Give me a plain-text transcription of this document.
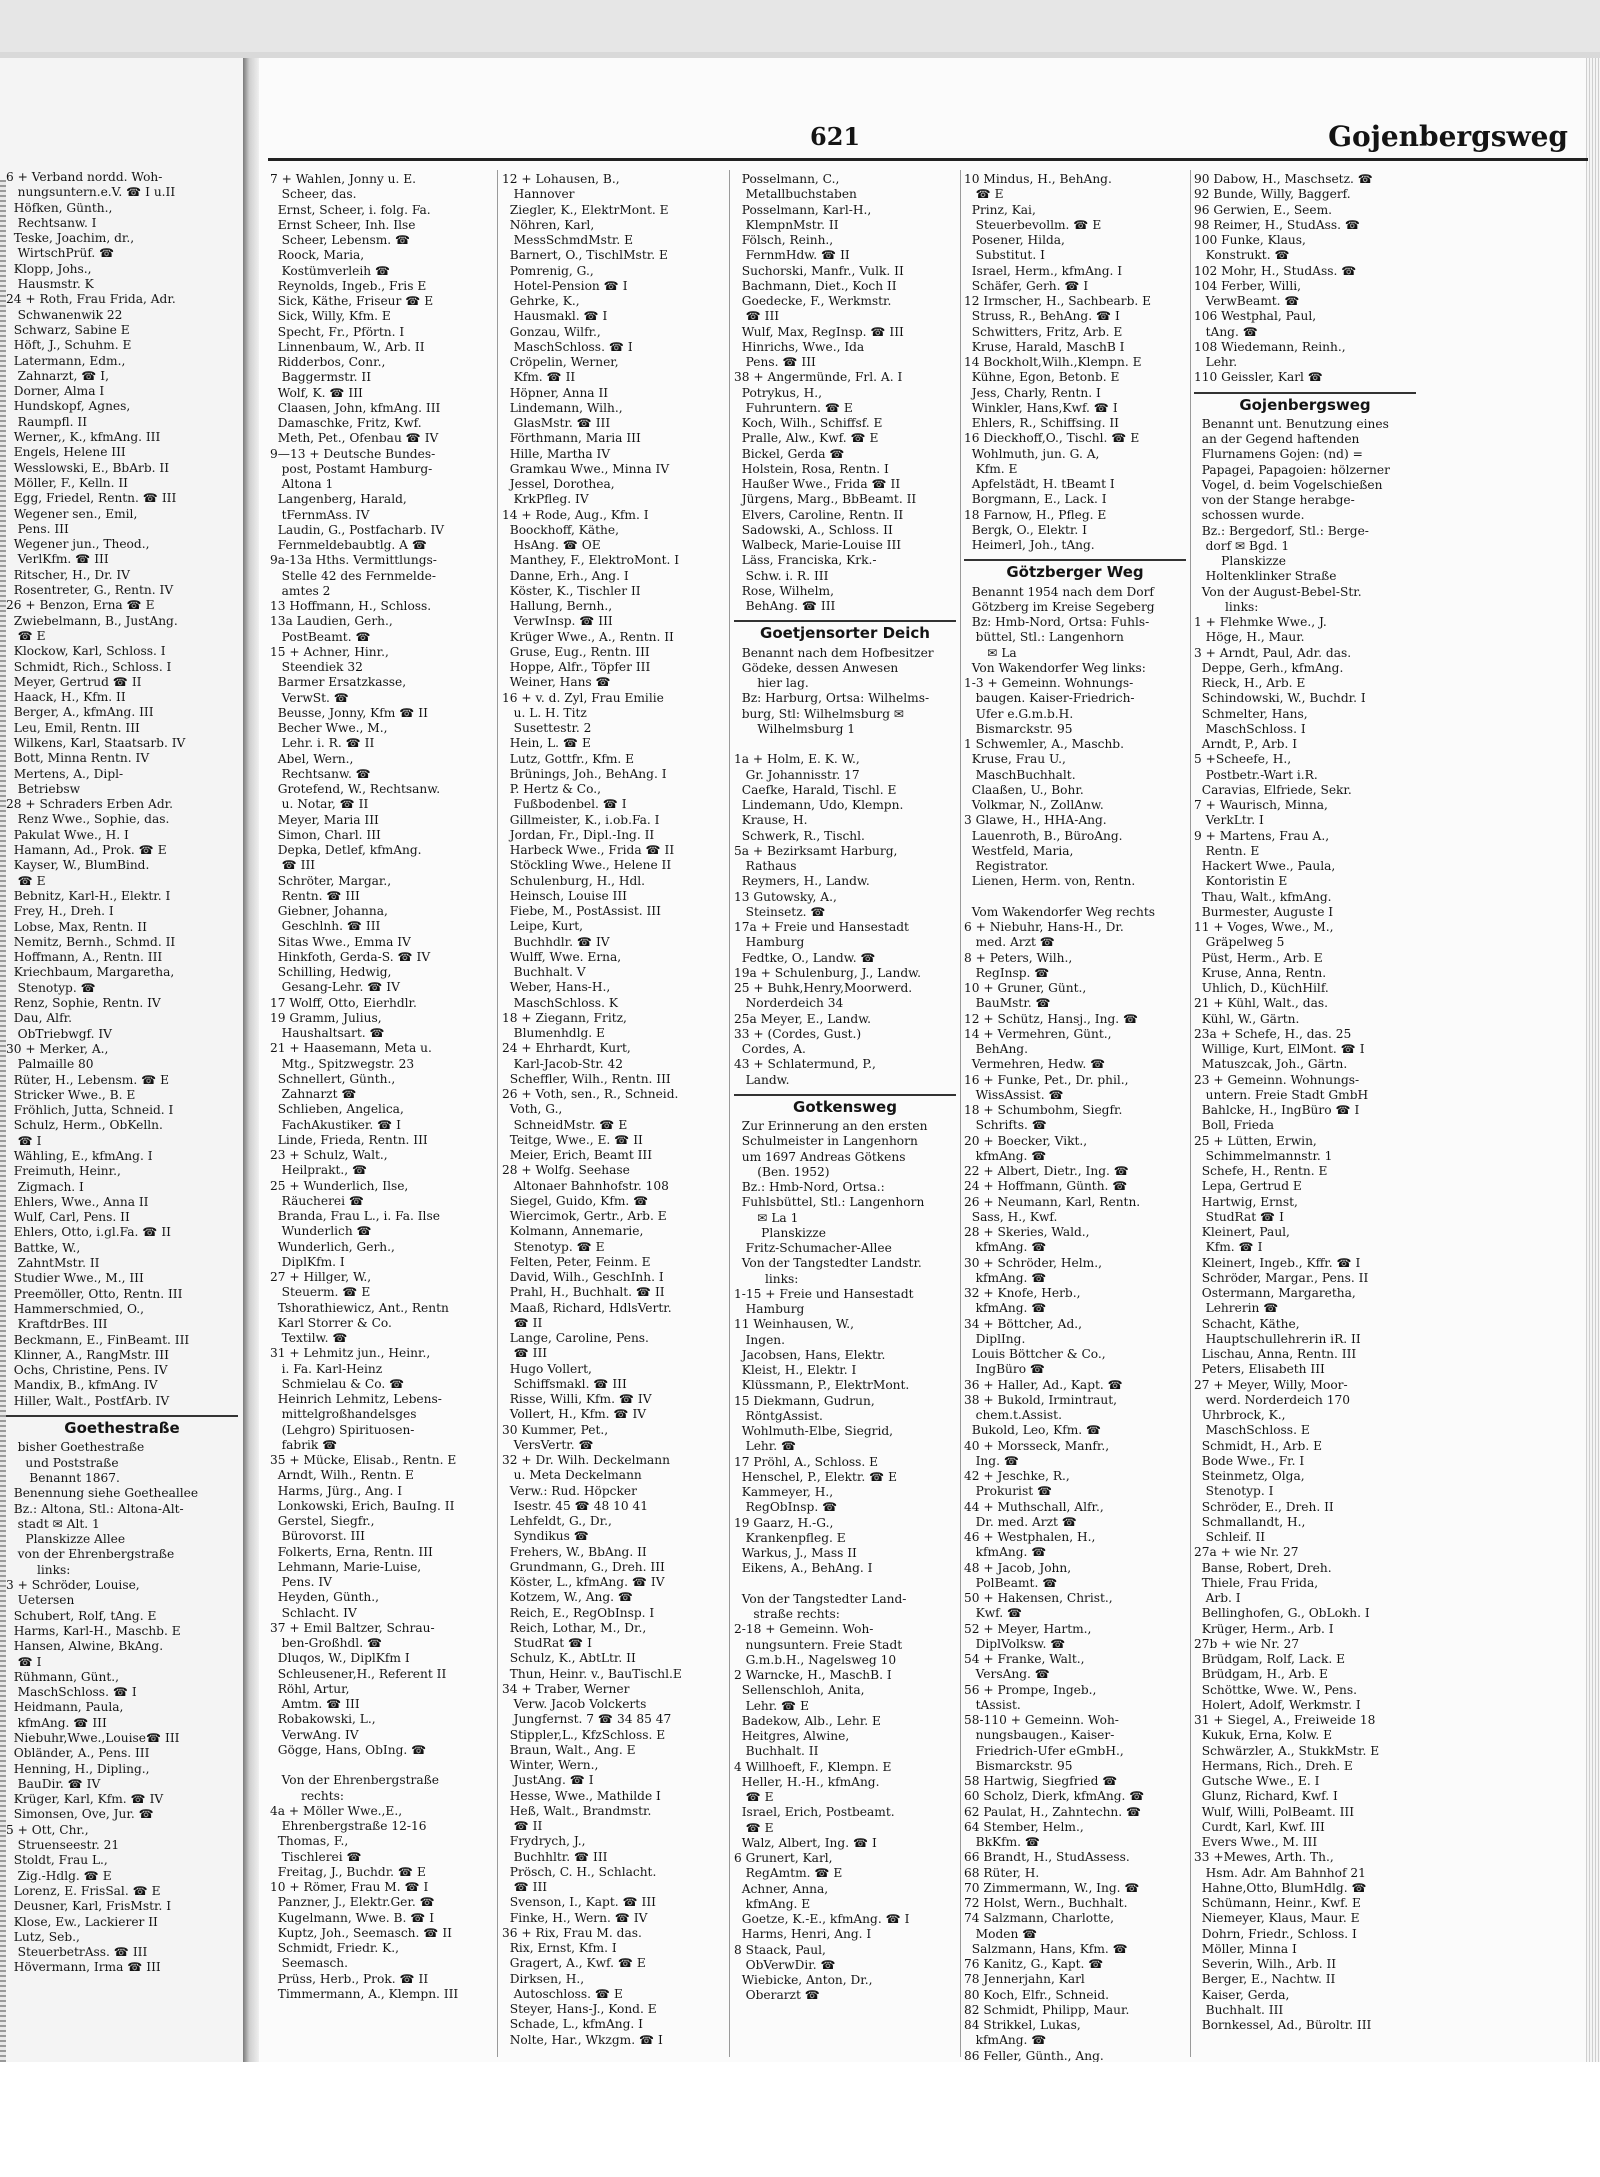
621	Gojenbergsweg
6 + Verband nordd. Woh-
nungsuntern.e.V. ☎ I u.II
Höfken, Günth.,
Rechtsanw. I
Teske, Joachim, dr.,
WirtschPrüf. ☎
Klopp, Johs.,
Hausmstr. K
24 + Roth, Frau Frida, Adr.
Schwanenwik 22
Schwarz, Sabine E
Höft, J., Schuhm. E
Latermann, Edm.,
Zahnarzt, ☎ I,
Dorner, Alma I
Hundskopf, Agnes,
Raumpfl. II
Werner,, K., kfmAng. III
Engels, Helene III
Wesslowski, E., BbArb. II
Möller, F., Kelln. II
Egg, Friedel, Rentn. ☎ III
Wegener sen., Emil,
Pens. III
Wegener jun., Theod.,
VerlKfm. ☎ III
Ritscher, H., Dr. IV
Rosentreter, G., Rentn. IV
26 + Benzon, Erna ☎ E
Zwiebelmann, B., JustAng.
☎ E
Klockow, Karl, Schloss. I
Schmidt, Rich., Schloss. I
Meyer, Gertrud ☎ II
Haack, H., Kfm. II
Berger, A., kfmAng. III
Leu, Emil, Rentn. III
Wilkens, Karl, Staatsarb. IV
Bott, Minna Rentn. IV
Mertens, A., Dipl-
Betriebsw
28 + Schraders Erben Adr.
Renz Wwe., Sophie, das.
Pakulat Wwe., H. I
Hamann, Ad., Prok. ☎ E
Kayser, W., BlumBind.
☎ E
Bebnitz, Karl-H., Elektr. I
Frey, H., Dreh. I
Lobse, Max, Rentn. II
Nemitz, Bernh., Schmd. II
Hoffmann, A., Rentn. III
Kriechbaum, Margaretha,
Stenotyp. ☎
Renz, Sophie, Rentn. IV
Dau, Alfr.
ObTriebwgf. IV
30 + Merker, A.,
Palmaille 80
Rüter, H., Lebensm. ☎ E
Stricker Wwe., B. E
Fröhlich, Jutta, Schneid. I
Schulz, Herm., ObKelln.
☎ I
Wähling, E., kfmAng. I
Freimuth, Heinr.,
Zigmach. I
Ehlers, Wwe., Anna II
Wulf, Carl, Pens. II
Ehlers, Otto, i.gl.Fa. ☎ II
Battke, W.,
ZahntMstr. II
Studier Wwe., M., III
Preemöller, Otto, Rentn. III
Hammerschmied, O.,
KraftdrBes. III
Beckmann, E., FinBeamt. III
Klinner, A., RangMstr. III
Ochs, Christine, Pens. IV
Mandix, B., kfmAng. IV
Hiller, Walt., PostfArb. IV
Goethestraße
bisher Goethestraße
und Poststraße
Benannt 1867.
Benennung siehe Goetheallee
Bz.: Altona, Stl.: Altona-Alt-
stadt ✉ Alt. 1
Planskizze Allee
von der Ehrenbergstraße
links:
3 + Schröder, Louise,
Uetersen
Schubert, Rolf, tAng. E
Harms, Karl-H., Maschb. E
Hansen, Alwine, BkAng.
☎ I
Rühmann, Günt.,
MaschSchloss. ☎ I
Heidmann, Paula,
kfmAng. ☎ III
Niebuhr,Wwe.,Louise☎ III
Obländer, A., Pens. III
Henning, H., Dipling.,
BauDir. ☎ IV
Krüger, Karl, Kfm. ☎ IV
Simonsen, Ove, Jur. ☎
5 + Ott, Chr.,
Struenseestr. 21
Stoldt, Frau L.,
Zig.-Hdlg. ☎ E
Lorenz, E. FrisSal. ☎ E
Deusner, Karl, FrisMstr. I
Klose, Ew., Lackierer II
Lutz, Seb.,
SteuerbetrAss. ☎ III
Hövermann, Irma ☎ III
7 + Wahlen, Jonny u. E.
Scheer, das.
Ernst, Scheer, i. folg. Fa.
Ernst Scheer, Inh. Ilse
Scheer, Lebensm. ☎
Roock, Maria,
Kostümverleih ☎
Reynolds, Ingeb., Fris E
Sick, Käthe, Friseur ☎ E
Sick, Willy, Kfm. E
Specht, Fr., Pförtn. I
Linnenbaum, W., Arb. II
Ridderbos, Conr.,
Baggermstr. II
Wolf, K. ☎ III
Claasen, John, kfmAng. III
Damaschke, Fritz, Kwf.
Meth, Pet., Ofenbau ☎ IV
9—13 + Deutsche Bundes-
post, Postamt Hamburg-
Altona 1
Langenberg, Harald,
tFernmAss. IV
Laudin, G., Postfacharb. IV
Fernmeldebaubtlg. A ☎
9a-13a Hths. Vermittlungs-
Stelle 42 des Fernmelde-
amtes 2
13 Hoffmann, H., Schloss.
13a Laudien, Gerh.,
PostBeamt. ☎
15 + Achner, Hinr.,
Steendiek 32
Barmer Ersatzkasse,
VerwSt. ☎
Beusse, Jonny, Kfm ☎ II
Becher Wwe., M.,
Lehr. i. R. ☎ II
Abel, Wern.,
Rechtsanw. ☎
Grotefend, W., Rechtsanw.
u. Notar, ☎ II
Meyer, Maria III
Simon, Charl. III
Depka, Detlef, kfmAng.
☎ III
Schröter, Margar.,
Rentn. ☎ III
Giebner, Johanna,
Geschlnh. ☎ III
Sitas Wwe., Emma IV
Hinkfoth, Gerda-S. ☎ IV
Schilling, Hedwig,
Gesang-Lehr. ☎ IV
17 Wolff, Otto, Eierhdlr.
19 Gramm, Julius,
Haushaltsart. ☎
21 + Haasemann, Meta u.
Mtg., Spitzwegstr. 23
Schnellert, Günth.,
Zahnarzt ☎
Schlieben, Angelica,
FachAkustiker. ☎ I
Linde, Frieda, Rentn. III
23 + Schulz, Walt.,
Heilprakt., ☎
25 + Wunderlich, Ilse,
Räucherei ☎
Branda, Frau L., i. Fa. Ilse
Wunderlich ☎
Wunderlich, Gerh.,
DiplKfm. I
27 + Hillger, W.,
Steuerm. ☎ E
Tshorathiewicz, Ant., Rentn
Karl Storrer & Co.
Textilw. ☎
31 + Lehmitz jun., Heinr.,
i. Fa. Karl-Heinz
Schmielau & Co. ☎
Heinrich Lehmitz, Lebens-
mittelgroßhandelsges
(Lehgro) Spirituosen-
fabrik ☎
35 + Mücke, Elisab., Rentn. E
Arndt, Wilh., Rentn. E
Harms, Jürg., Ang. I
Lonkowski, Erich, BauIng. II
Gerstel, Siegfr.,
Bürovorst. III
Folkerts, Erna, Rentn. III
Lehmann, Marie-Luise,
Pens. IV
Heyden, Günth.,
Schlacht. IV
37 + Emil Baltzer, Schrau-
ben-Großhdl. ☎
Dluqos, W., DiplKfm I
Schleusener,H., Referent II
Röhl, Artur,
Amtm. ☎ III
Robakowski, L.,
VerwAng. IV
Gögge, Hans, ObIng. ☎

Von der Ehrenbergstraße
rechts:
4a + Möller Wwe.,E.,
Ehrenbergstraße 12-16
Thomas, F.,
Tischlerei ☎
Freitag, J., Buchdr. ☎ E
10 + Römer, Frau M. ☎ I
Panzner, J., Elektr.Ger. ☎
Kugelmann, Wwe. B. ☎ I
Kuptz, Joh., Seemasch. ☎ II
Schmidt, Friedr. K.,
Seemasch.
Prüss, Herb., Prok. ☎ II
Timmermann, A., Klempn. III
12 + Lohausen, B.,
Hannover
Ziegler, K., ElektrMont. E
Nöhren, Karl,
MessSchmdMstr. E
Barnert, O., TischlMstr. E
Pomrenig, G.,
Hotel-Pension ☎ I
Gehrke, K.,
Hausmakl. ☎ I
Gonzau, Wilfr.,
MaschSchloss. ☎ I
Cröpelin, Werner,
Kfm. ☎ II
Höpner, Anna II
Lindemann, Wilh.,
GlasMstr. ☎ III
Förthmann, Maria III
Hille, Martha IV
Gramkau Wwe., Minna IV
Jessel, Dorothea,
KrkPfleg. IV
14 + Rode, Aug., Kfm. I
Boockhoff, Käthe,
HsAng. ☎ OE
Manthey, F., ElektroMont. I
Danne, Erh., Ang. I
Köster, K., Tischler II
Hallung, Bernh.,
VerwInsp. ☎ III
Krüger Wwe., A., Rentn. II
Gruse, Eug., Rentn. III
Hoppe, Alfr., Töpfer III
Weiner, Hans ☎
16 + v. d. Zyl, Frau Emilie
u. L. H. Titz
Susettestr. 2
Hein, L. ☎ E
Lutz, Gottfr., Kfm. E
Brünings, Joh., BehAng. I
P. Hertz & Co.,
Fußbodenbel. ☎ I
Gillmeister, K., i.ob.Fa. I
Jordan, Fr., Dipl.-Ing. II
Harbeck Wwe., Frida ☎ II
Stöckling Wwe., Helene II
Schulenburg, H., Hdl.
Heinsch, Louise III
Fiebe, M., PostAssist. III
Leipe, Kurt,
Buchhdlr. ☎ IV
Wulff, Wwe. Erna,
Buchhalt. V
Weber, Hans-H.,
MaschSchloss. K
18 + Ziegann, Fritz,
Blumenhdlg. E
24 + Ehrhardt, Kurt,
Karl-Jacob-Str. 42
Scheffler, Wilh., Rentn. III
26 + Voth, sen., R., Schneid.
Voth, G.,
SchneidMstr. ☎ E
Teitge, Wwe., E. ☎ II
Meier, Erich, Beamt III
28 + Wolfg. Seehase
Altonaer Bahnhofstr. 108
Siegel, Guido, Kfm. ☎
Wiercimok, Gertr., Arb. E
Kolmann, Annemarie,
Stenotyp. ☎ E
Felten, Peter, Feinm. E
David, Wilh., GeschInh. I
Prahl, H., Buchhalt. ☎ II
Maaß, Richard, HdlsVertr.
☎ II
Lange, Caroline, Pens.
☎ III
Hugo Vollert,
Schiffsmakl. ☎ III
Risse, Willi, Kfm. ☎ IV
Vollert, H., Kfm. ☎ IV
30 Kummer, Pet.,
VersVertr. ☎
32 + Dr. Wilh. Deckelmann
u. Meta Deckelmann
Verw.: Rud. Höpcker
Isestr. 45 ☎ 48 10 41
Lehfeldt, G., Dr.,
Syndikus ☎
Frehers, W., BbAng. II
Grundmann, G., Dreh. III
Köster, L., kfmAng. ☎ IV
Kotzem, W., Ang. ☎
Reich, E., RegObInsp. I
Reich, Lothar, M., Dr.,
StudRat ☎ I
Schulz, K., AbtLtr. II
Thun, Heinr. v., BauTischl.E
34 + Traber, Werner
Verw. Jacob Volckerts
Jungfernst. 7 ☎ 34 85 47
Stippler,L., KfzSchloss. E
Braun, Walt., Ang. E
Winter, Wern.,
JustAng. ☎ I
Hesse, Wwe., Mathilde I
Heß, Walt., Brandmstr.
☎ II
Frydrych, J.,
Buchhltr. ☎ III
Prösch, C. H., Schlacht.
☎ III
Svenson, I., Kapt. ☎ III
Finke, H., Wern. ☎ IV
36 + Rix, Frau M. das.
Rix, Ernst, Kfm. I
Gragert, A., Kwf. ☎ E
Dirksen, H.,
Autoschloss. ☎ E
Steyer, Hans-J., Kond. E
Schade, L., kfmAng. I
Nolte, Har., Wkzgm. ☎ I
Posselmann, C.,
Metallbuchstaben
Posselmann, Karl-H.,
KlempnMstr. II
Fölsch, Reinh.,
FernmHdw. ☎ II
Suchorski, Manfr., Vulk. II
Bachmann, Diet., Koch II
Goedecke, F., Werkmstr.
☎ III
Wulf, Max, RegInsp. ☎ III
Hinrichs, Wwe., Ida
Pens. ☎ III
38 + Angermünde, Frl. A. I
Potrykus, H.,
Fuhruntern. ☎ E
Koch, Wilh., Schiffsf. E
Pralle, Alw., Kwf. ☎ E
Bickel, Gerda ☎
Holstein, Rosa, Rentn. I
Haußer Wwe., Frida ☎ II
Jürgens, Marg., BbBeamt. II
Elvers, Caroline, Rentn. II
Sadowski, A., Schloss. II
Walbeck, Marie-Louise III
Läss, Franciska, Krk.-
Schw. i. R. III
Rose, Wilhelm,
BehAng. ☎ III
Goetjensorter Deich
Benannt nach dem Hofbesitzer
Gödeke, dessen Anwesen
hier lag.
Bz: Harburg, Ortsa: Wilhelms-
burg, Stl: Wilhelmsburg ✉
Wilhelmsburg 1

1a + Holm, E. K. W.,
Gr. Johannisstr. 17
Caefke, Harald, Tischl. E
Lindemann, Udo, Klempn.
Krause, H.
Schwerk, R., Tischl.
5a + Bezirksamt Harburg,
Rathaus
Reymers, H., Landw.
13 Gutowsky, A.,
Steinsetz. ☎
17a + Freie und Hansestadt
Hamburg
Fedtke, O., Landw. ☎
19a + Schulenburg, J., Landw.
25 + Buhk,Henry,Moorwerd.
Norderdeich 34
25a Meyer, E., Landw.
33 + (Cordes, Gust.)
Cordes, A.
43 + Schlatermund, P.,
Landw.
Gotkensweg
Zur Erinnerung an den ersten
Schulmeister in Langenhorn
um 1697 Andreas Götkens
(Ben. 1952)
Bz.: Hmb-Nord, Ortsa.:
Fuhlsbüttel, Stl.: Langenhorn
✉ La 1
Planskizze
Fritz-Schumacher-Allee
Von der Tangstedter Landstr.
links:
1-15 + Freie und Hansestadt
Hamburg
11 Weinhausen, W.,
Ingen.
Jacobsen, Hans, Elektr.
Kleist, H., Elektr. I
Klüssmann, P., ElektrMont.
15 Diekmann, Gudrun,
RöntgAssist.
Wohlmuth-Elbe, Siegrid,
Lehr. ☎
17 Pröhl, A., Schloss. E
Henschel, P., Elektr. ☎ E
Kammeyer, H.,
RegObInsp. ☎
19 Gaarz, H.-G.,
Krankenpfleg. E
Warkus, J., Mass II
Eikens, A., BehAng. I

Von der Tangstedter Land-
straße rechts:
2-18 + Gemeinn. Woh-
nungsuntern. Freie Stadt
G.m.b.H., Nagelsweg 10
2 Warncke, H., MaschB. I
Sellenschloh, Anita,
Lehr. ☎ E
Badekow, Alb., Lehr. E
Heitgres, Alwine,
Buchhalt. II
4 Willhoeft, F., Klempn. E
Heller, H.-H., kfmAng.
☎ E
Israel, Erich, Postbeamt.
☎ E
Walz, Albert, Ing. ☎ I
6 Grunert, Karl,
RegAmtm. ☎ E
Achner, Anna,
kfmAng. E
Goetze, K.-E., kfmAng. ☎ I
Harms, Henri, Ang. I
8 Staack, Paul,
ObVerwDir. ☎
Wiebicke, Anton, Dr.,
Oberarzt ☎
10 Mindus, H., BehAng.
☎ E
Prinz, Kai,
Steuerbevollm. ☎ E
Posener, Hilda,
Substitut. I
Israel, Herm., kfmAng. I
Schäfer, Gerh. ☎ I
12 Irmscher, H., Sachbearb. E
Struss, R., BehAng. ☎ I
Schwitters, Fritz, Arb. E
Kruse, Harald, MaschB I
14 Bockholt,Wilh.,Klempn. E
Kühne, Egon, Betonb. E
Jess, Charly, Rentn. I
Winkler, Hans,Kwf. ☎ I
Ehlers, R., Schiffsing. II
16 Dieckhoff,O., Tischl. ☎ E
Wohlmuth, jun. G. A,
Kfm. E
Apfelstädt, H. tBeamt I
Borgmann, E., Lack. I
18 Farnow, H., Pfleg. E
Bergk, O., Elektr. I
Heimerl, Joh., tAng.
Götzberger Weg
Benannt 1954 nach dem Dorf
Götzberg im Kreise Segeberg
Bz: Hmb-Nord, Ortsa: Fuhls-
büttel, Stl.: Langenhorn
✉ La
Von Wakendorfer Weg links:
1-3 + Gemeinn. Wohnungs-
baugen. Kaiser-Friedrich-
Ufer e.G.m.b.H.
Bismarckstr. 95
1 Schwemler, A., Maschb.
Kruse, Frau U.,
MaschBuchhalt.
Claaßen, U., Bohr.
Volkmar, N., ZollAnw.
3 Glawe, H., HHA-Ang.
Lauenroth, B., BüroAng.
Westfeld, Maria,
Registrator.
Lienen, Herm. von, Rentn.

Vom Wakendorfer Weg rechts
6 + Niebuhr, Hans-H., Dr.
med. Arzt ☎
8 + Peters, Wilh.,
RegInsp. ☎
10 + Gruner, Günt.,
BauMstr. ☎
12 + Schütz, Hansj., Ing. ☎
14 + Vermehren, Günt.,
BehAng.
Vermehren, Hedw. ☎
16 + Funke, Pet., Dr. phil.,
WissAssist. ☎
18 + Schumbohm, Siegfr.
Schrifts. ☎
20 + Boecker, Vikt.,
kfmAng. ☎
22 + Albert, Dietr., Ing. ☎
24 + Hoffmann, Günth. ☎
26 + Neumann, Karl, Rentn.
Sass, H., Kwf.
28 + Skeries, Wald.,
kfmAng. ☎
30 + Schröder, Helm.,
kfmAng. ☎
32 + Knofe, Herb.,
kfmAng. ☎
34 + Böttcher, Ad.,
DiplIng.
Louis Böttcher & Co.,
IngBüro ☎
36 + Haller, Ad., Kapt. ☎
38 + Bukold, Irmintraut,
chem.t.Assist.
Bukold, Leo, Kfm. ☎
40 + Morsseck, Manfr.,
Ing. ☎
42 + Jeschke, R.,
Prokurist ☎
44 + Muthschall, Alfr.,
Dr. med. Arzt ☎
46 + Westphalen, H.,
kfmAng. ☎
48 + Jacob, John,
PolBeamt. ☎
50 + Hakensen, Christ.,
Kwf. ☎
52 + Meyer, Hartm.,
DiplVolksw. ☎
54 + Franke, Walt.,
VersAng. ☎
56 + Prompe, Ingeb.,
tAssist.
58-110 + Gemeinn. Woh-
nungsbaugen., Kaiser-
Friedrich-Ufer eGmbH.,
Bismarckstr. 95
58 Hartwig, Siegfried ☎
60 Scholz, Dierk, kfmAng. ☎
62 Paulat, H., Zahntechn. ☎
64 Stember, Helm.,
BkKfm. ☎
66 Brandt, H., StudAssess.
68 Rüter, H.
70 Zimmermann, W., Ing. ☎
72 Holst, Wern., Buchhalt.
74 Salzmann, Charlotte,
Moden ☎
Salzmann, Hans, Kfm. ☎
76 Kanitz, G., Kapt. ☎
78 Jennerjahn, Karl
80 Koch, Elfr., Schneid.
82 Schmidt, Philipp, Maur.
84 Strikkel, Lukas,
kfmAng. ☎
86 Feller, Günth., Ang.
90 Dabow, H., Maschsetz. ☎
92 Bunde, Willy, Baggerf.
96 Gerwien, E., Seem.
98 Reimer, H., StudAss. ☎
100 Funke, Klaus,
Konstrukt. ☎
102 Mohr, H., StudAss. ☎
104 Ferber, Willi,
VerwBeamt. ☎
106 Westphal, Paul,
tAng. ☎
108 Wiedemann, Reinh.,
Lehr.
110 Geissler, Karl ☎
Gojenbergsweg
Benannt unt. Benutzung eines
an der Gegend haftenden
Flurnamens Gojen: (nd) =
Papagei, Papagoien: hölzerner
Vogel, d. beim Vogelschießen
von der Stange herabge-
schossen wurde.
Bz.: Bergedorf, Stl.: Berge-
dorf ✉ Bgd. 1
Planskizze
Holtenklinker Straße
Von der August-Bebel-Str.
links:
1 + Flehmke Wwe., J.
Höge, H., Maur.
3 + Arndt, Paul, Adr. das.
Deppe, Gerh., kfmAng.
Rieck, H., Arb. E
Schindowski, W., Buchdr. I
Schmelter, Hans,
MaschSchloss. I
Arndt, P., Arb. I
5 +Scheefe, H.,
Postbetr.-Wart i.R.
Caravias, Elfriede, Sekr.
7 + Waurisch, Minna,
VerkLtr. I
9 + Martens, Frau A.,
Rentn. E
Hackert Wwe., Paula,
Kontoristin E
Thau, Walt., kfmAng.
Burmester, Auguste I
11 + Voges, Wwe., M.,
Gräpelweg 5
Püst, Herm., Arb. E
Kruse, Anna, Rentn.
Uhlich, D., KüchHilf.
21 + Kühl, Walt., das.
Kühl, W., Gärtn.
23a + Schefe, H., das. 25
Willige, Kurt, ElMont. ☎ I
Matuszcak, Joh., Gärtn.
23 + Gemeinn. Wohnungs-
untern. Freie Stadt GmbH
Bahlcke, H., IngBüro ☎ I
Boll, Frieda
25 + Lütten, Erwin,
Schimmelmannstr. 1
Schefe, H., Rentn. E
Lepa, Gertrud E
Hartwig, Ernst,
StudRat ☎ I
Kleinert, Paul,
Kfm. ☎ I
Kleinert, Ingeb., Kffr. ☎ I
Schröder, Margar., Pens. II
Ostermann, Margaretha,
Lehrerin ☎
Schacht, Käthe,
Hauptschullehrerin iR. II
Lischau, Anna, Rentn. III
Peters, Elisabeth III
27 + Meyer, Willy, Moor-
werd. Norderdeich 170
Uhrbrock, K.,
MaschSchloss. E
Schmidt, H., Arb. E
Bode Wwe., Fr. I
Steinmetz, Olga,
Stenotyp. I
Schröder, E., Dreh. II
Schmallandt, H.,
Schleif. II
27a + wie Nr. 27
Banse, Robert, Dreh.
Thiele, Frau Frida,
Arb. I
Bellinghofen, G., ObLokh. I
Krüger, Herm., Arb. I
27b + wie Nr. 27
Brüdgam, Rolf, Lack. E
Brüdgam, H., Arb. E
Schöttke, Wwe. W., Pens.
Holert, Adolf, Werkmstr. I
31 + Siegel, A., Freiweide 18
Kukuk, Erna, Kolw. E
Schwärzler, A., StukkMstr. E
Hermans, Rich., Dreh. E
Gutsche Wwe., E. I
Glunz, Richard, Kwf. I
Wulf, Willi, PolBeamt. III
Curdt, Karl, Kwf. III
Evers Wwe., M. III
33 +Mewes, Arth. Th.,
Hsm. Adr. Am Bahnhof 21
Hahne,Otto, BlumHdlg. ☎
Schümann, Heinr., Kwf. E
Niemeyer, Klaus, Maur. E
Dohrn, Friedr., Schloss. I
Möller, Minna I
Severin, Wilh., Arb. II
Berger, E., Nachtw. II
Kaiser, Gerda,
Buchhalt. III
Bornkessel, Ad., Büroltr. III
